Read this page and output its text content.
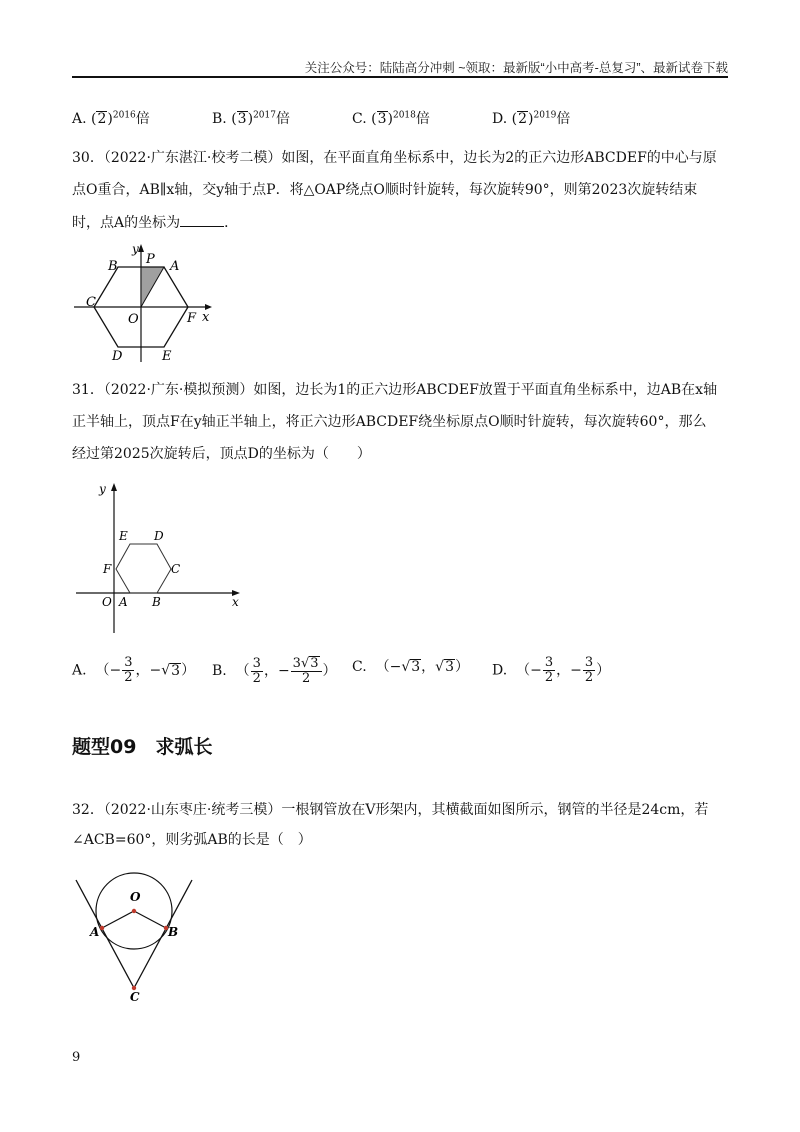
关注公众号：陆陆高分冲刺 ~领取：最新版“小中高考-总复习”、最新试卷下载
A. $(2)^{2016}$倍	B. $(3)^{2017}$倍	C. $(3)^{2018}$倍	D. $(2)^{2019}$倍
30．（2022·广东湛江·校考二模）如图，在平面直角坐标系中，边长为2的正六边形ABCDEF的中心与原
点O重合，AB∥x轴，交y轴于点P．将△OAP绕点O顺时针旋转，每次旋转90°，则第2023次旋转结束
时，点A的坐标为	．
y
B P A
C
O	F x
D	E
31．（2022·广东·模拟预测）如图，边长为1的正六边形ABCDEF放置于平面直角坐标系中，边AB在x轴
正半轴上，顶点F在y轴正半轴上，将正六边形ABCDEF绕坐标原点O顺时针旋转，每次旋转60°，那么
经过第2025次旋转后，顶点D的坐标为（　　）
y
E D
F	C
O A B	x
A. （− $\frac{3}{2}$ ，−√3） B. （ $\frac{3}{2}$ ，− $\frac{3√3}{2}$ ） C. （−√3，√3） D. （− $\frac{3}{2}$ ，− $\frac{3}{2}$ ）
题型09　求弧长
32．（2022·山东枣庄·统考三模）一根钢管放在V形架内，其横截面如图所示，钢管的半径是24cm，若
∠ACB=60°，则劣弧AB的长是（　）
O
A	B
C
9
